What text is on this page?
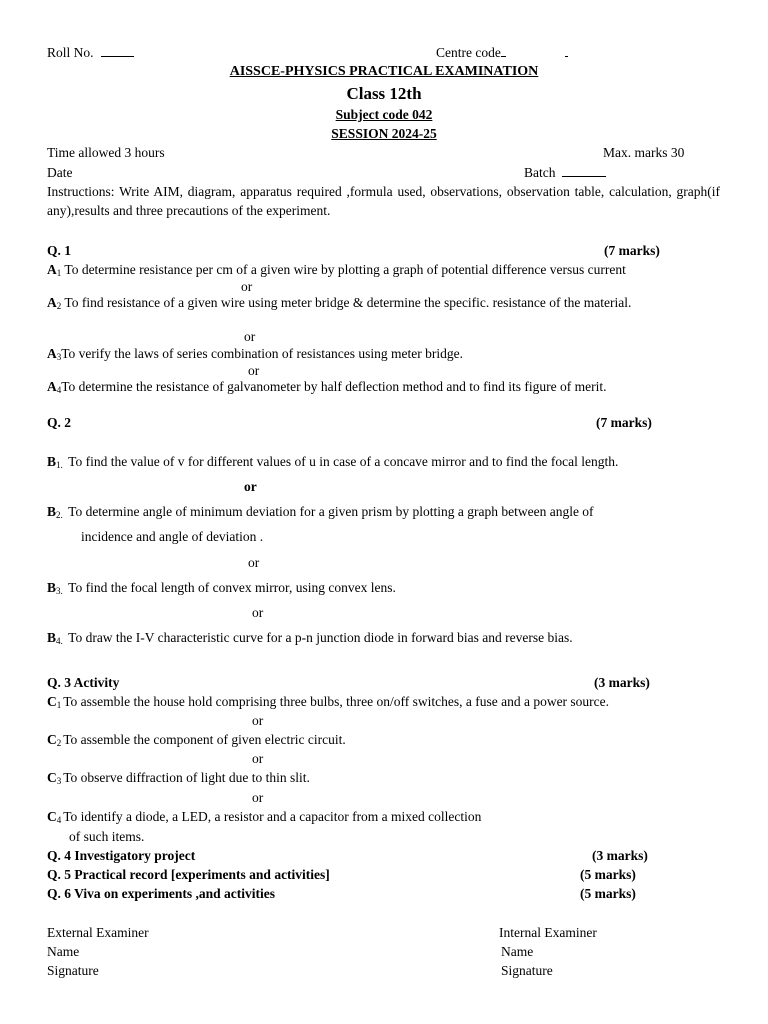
Roll No.	Centre code
AISSCE-PHYSICS PRACTICAL EXAMINATION
Class 12th
Subject code 042
SESSION 2024-25
Time allowed 3 hours	Max. marks 30
Date	Batch
Instructions: Write AIM, diagram, apparatus required ,formula used, observations, observation table, calculation, graph(if any),results and three precautions of the experiment.
Q. 1	(7 marks)
$A_1$ To determine resistance per cm of a given wire by plotting a graph of potential difference versus current
or
$A_2$ To find resistance of a given wire using meter bridge & determine the specific. resistance of the material.
or
$A_3To$ verify the laws of series combination of resistances using meter bridge.
or
$A_4To$ determine the resistance of galvanometer by half deflection method and to find its figure of merit.
Q. 2	(7 marks)
$B_{1.}$ To find the value of v for different values of u in case of a concave mirror and to find the focal length.
or
$B_{2.}$ To determine angle of minimum deviation for a given prism by plotting a graph between angle of
incidence and angle of deviation .
or
$B_{3.}$ To find the focal length of convex mirror, using convex lens.
or
$B_{4.}$ To draw the I-V characteristic curve for a p-n junction diode in forward bias and reverse bias.
Q. 3 Activity	(3 marks)
$C_1$ To assemble the house hold comprising three bulbs, three on/off switches, a fuse and a power source.
or
$C_2$ To assemble the component of given electric circuit.
or
$C_3$ To observe diffraction of light due to thin slit.
or
$C_4$ To identify a diode, a LED, a resistor and a capacitor from a mixed collection
of such items.
Q. 4 Investigatory project	(3 marks)
Q. 5 Practical record [experiments and activities]	(5 marks)
Q. 6 Viva on experiments ,and activities	(5 marks)
External Examiner	Internal Examiner
Name	Name
Signature	Signature
